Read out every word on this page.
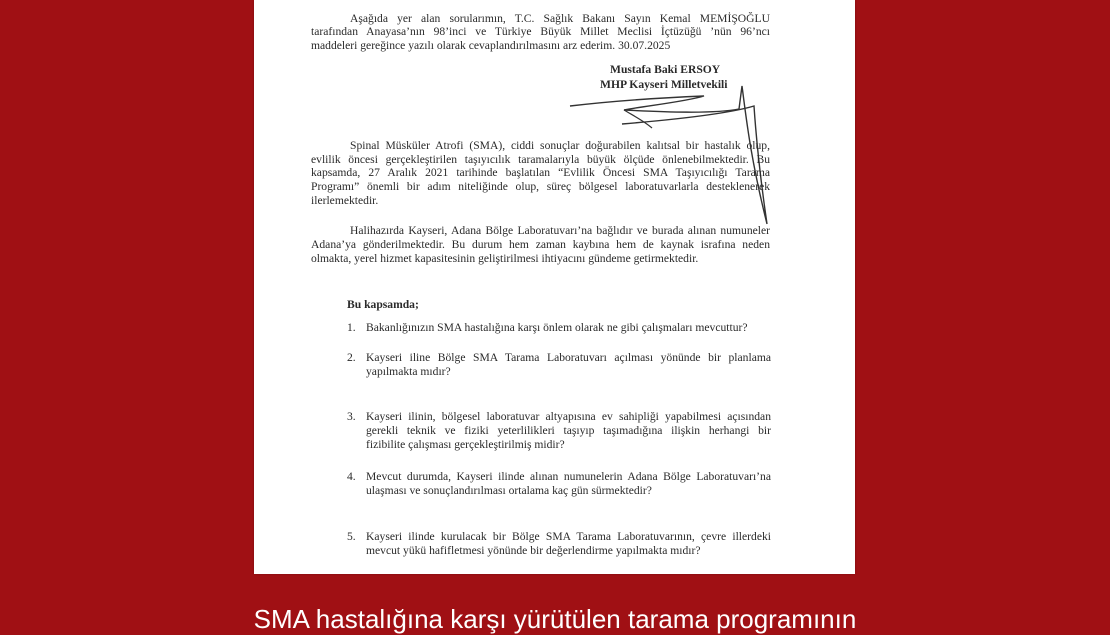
Aşağıda yer alan sorularımın, T.C. Sağlık Bakanı Sayın Kemal MEMİŞOĞLU
tarafından Anayasa’nın 98’inci ve Türkiye Büyük Millet Meclisi İçtüzüğü ’nün 96’ncı
maddeleri gereğince yazılı olarak cevaplandırılmasını arz ederim. 30.07.2025
Mustafa Baki ERSOY
MHP Kayseri Milletvekili
Spinal Müsküler Atrofi (SMA), ciddi sonuçlar doğurabilen kalıtsal bir hastalık olup,
evlilik öncesi gerçekleştirilen taşıyıcılık taramalarıyla büyük ölçüde önlenebilmektedir. Bu
kapsamda, 27 Aralık 2021 tarihinde başlatılan “Evlilik Öncesi SMA Taşıyıcılığı Tarama
Programı” önemli bir adım niteliğinde olup, süreç bölgesel laboratuvarlarla desteklenerek
ilerlemektedir.
Halihazırda Kayseri, Adana Bölge Laboratuvarı’na bağlıdır ve burada alınan numuneler
Adana’ya gönderilmektedir. Bu durum hem zaman kaybına hem de kaynak israfına neden
olmakta, yerel hizmet kapasitesinin geliştirilmesi ihtiyacını gündeme getirmektedir.
Bu kapsamda;
1. Bakanlığınızın SMA hastalığına karşı önlem olarak ne gibi çalışmaları mevcuttur?
2. Kayseri iline Bölge SMA Tarama Laboratuvarı açılması yönünde bir planlama
yapılmakta mıdır?
3. Kayseri ilinin, bölgesel laboratuvar altyapısına ev sahipliği yapabilmesi açısından
gerekli teknik ve fiziki yeterlilikleri taşıyıp taşımadığına ilişkin herhangi bir
fizibilite çalışması gerçekleştirilmiş midir?
4. Mevcut durumda, Kayseri ilinde alınan numunelerin Adana Bölge Laboratuvarı’na
ulaşması ve sonuçlandırılması ortalama kaç gün sürmektedir?
5. Kayseri ilinde kurulacak bir Bölge SMA Tarama Laboratuvarının, çevre illerdeki
mevcut yükü hafifletmesi yönünde bir değerlendirme yapılmakta mıdır?
SMA hastalığına karşı yürütülen tarama programının
